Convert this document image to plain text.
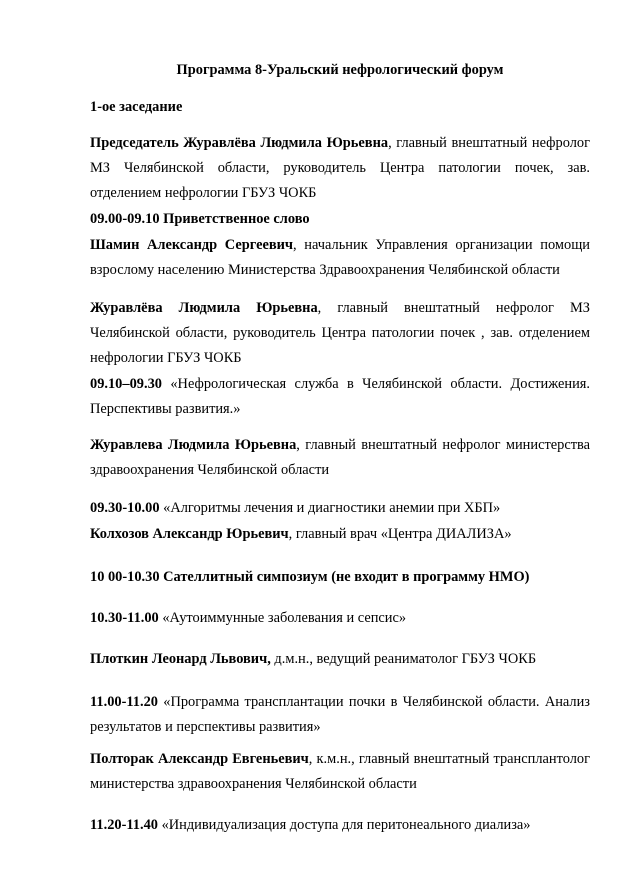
Программа 8-Уральский нефрологический форум

1-ое заседание

Председатель Журавлёва Людмила Юрьевна, главный внештатный нефролог МЗ Челябинской области, руководитель Центра патологии почек, зав. отделением нефрологии ГБУЗ ЧОКБ

09.00-09.10 Приветственное слово

Шамин Александр Сергеевич, начальник Управления организации помощи взрослому населению Министерства Здравоохранения Челябинской области

Журавлёва Людмила Юрьевна, главный внештатный нефролог МЗ Челябинской области, руководитель Центра патологии почек , зав. отделением нефрологии ГБУЗ ЧОКБ

09.10–09.30 «Нефрологическая служба в Челябинской области. Достижения. Перспективы развития.»

Журавлева Людмила Юрьевна, главный внештатный нефролог министерства здравоохранения Челябинской области

09.30-10.00 «Алгоритмы лечения и диагностики анемии при ХБП»

Колхозов Александр Юрьевич, главный врач «Центра ДИАЛИЗА»

10 00-10.30 Сателлитный симпозиум (не входит в программу НМО)

10.30-11.00 «Аутоиммунные заболевания и сепсис»

Плоткин Леонард Львович, д.м.н., ведущий реаниматолог ГБУЗ ЧОКБ

11.00-11.20 «Программа трансплантации почки в Челябинской области. Анализ результатов и перспективы развития»

Полторак Александр Евгеньевич, к.м.н., главный внештатный трансплантолог министерства здравоохранения Челябинской области

11.20-11.40 «Индивидуализация доступа для перитонеального диализа»
